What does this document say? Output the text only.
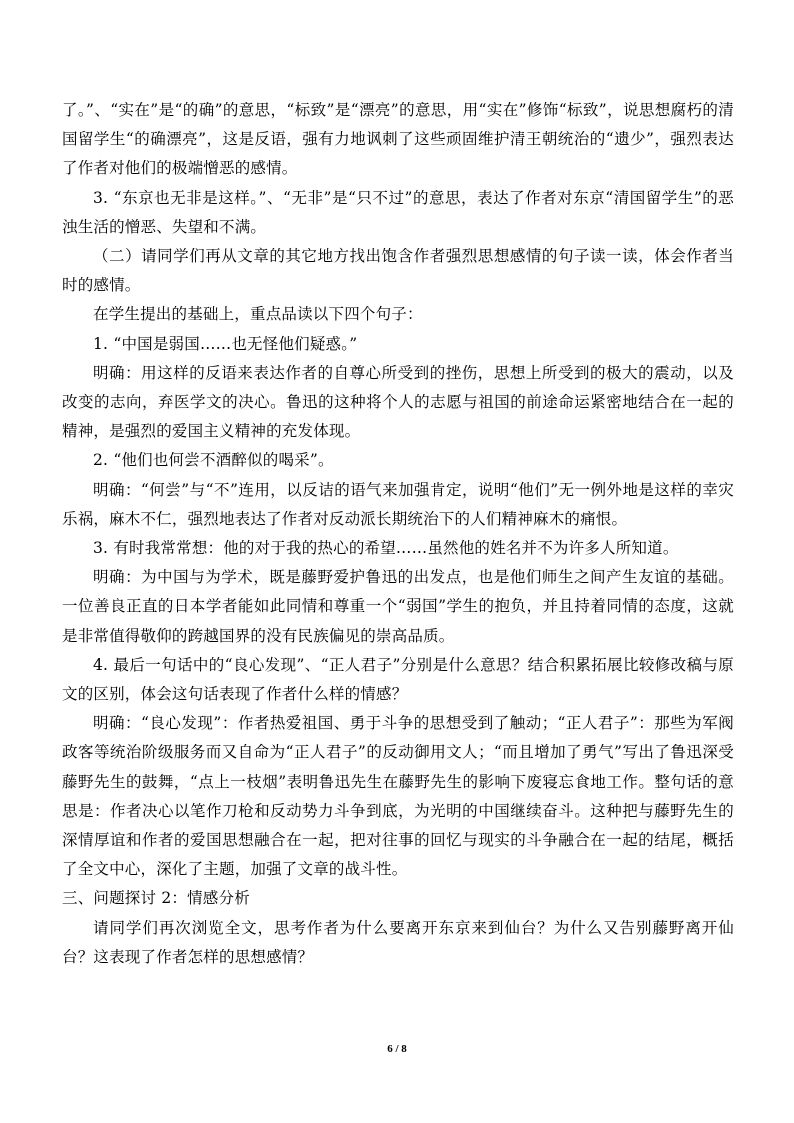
了。”、“实在”是“的确”的意思，“标致”是“漂亮”的意思，用“实在”修饰“标致”，说思想腐朽的清国留学生“的确漂亮”，这是反语，强有力地讽刺了这些顽固维护清王朝统治的“遗少”，强烈表达了作者对他们的极端憎恶的感情。

3. “东京也无非是这样。”、“无非”是“只不过”的意思，表达了作者对东京“清国留学生”的恶浊生活的憎恶、失望和不满。

（二）请同学们再从文章的其它地方找出饱含作者强烈思想感情的句子读一读，体会作者当时的感情。

在学生提出的基础上，重点品读以下四个句子：

1. “中国是弱国……也无怪他们疑惑。”

明确：用这样的反语来表达作者的自尊心所受到的挫伤，思想上所受到的极大的震动，以及改变的志向，弃医学文的决心。鲁迅的这种将个人的志愿与祖国的前途命运紧密地结合在一起的精神，是强烈的爱国主义精神的充发体现。

2. “他们也何尝不酒醉似的喝采”。

明确：“何尝”与“不”连用，以反诘的语气来加强肯定，说明“他们”无一例外地是这样的幸灾乐祸，麻木不仁，强烈地表达了作者对反动派长期统治下的人们精神麻木的痛恨。

3. 有时我常常想：他的对于我的热心的希望……虽然他的姓名并不为许多人所知道。

明确：为中国与为学术，既是藤野爱护鲁迅的出发点，也是他们师生之间产生友谊的基础。一位善良正直的日本学者能如此同情和尊重一个“弱国”学生的抱负，并且持着同情的态度，这就是非常值得敬仰的跨越国界的没有民族偏见的崇高品质。

4. 最后一句话中的“良心发现”、“正人君子”分别是什么意思？结合积累拓展比较修改稿与原文的区别，体会这句话表现了作者什么样的情感？

明确：“良心发现”：作者热爱祖国、勇于斗争的思想受到了触动；“正人君子”：那些为军阀政客等统治阶级服务而又自命为“正人君子”的反动御用文人；“而且增加了勇气”写出了鲁迅深受藤野先生的鼓舞，“点上一枝烟”表明鲁迅先生在藤野先生的影响下废寝忘食地工作。整句话的意思是：作者决心以笔作刀枪和反动势力斗争到底，为光明的中国继续奋斗。这种把与藤野先生的深情厚谊和作者的爱国思想融合在一起，把对往事的回忆与现实的斗争融合在一起的结尾，概括了全文中心，深化了主题，加强了文章的战斗性。

三、问题探讨 2：情感分析

请同学们再次浏览全文，思考作者为什么要离开东京来到仙台？为什么又告别藤野离开仙台？这表现了作者怎样的思想感情？

6 / 8
